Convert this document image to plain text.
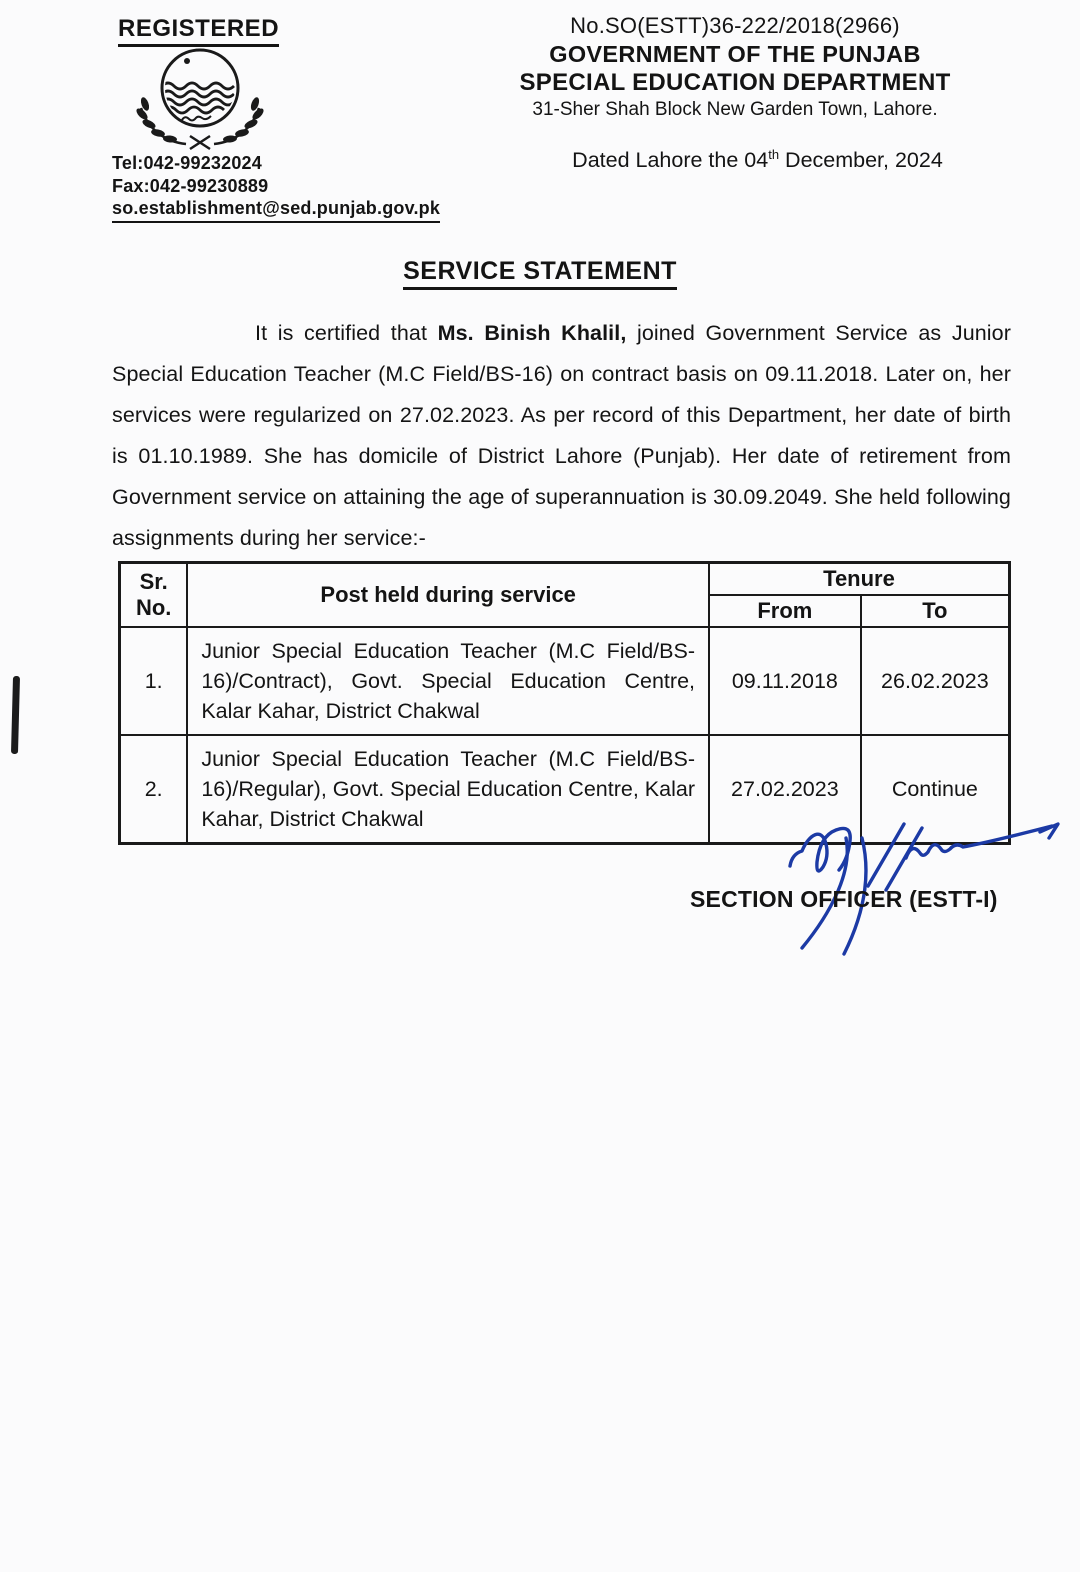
REGISTERED
Tel:042-99232024
Fax:042-99230889
so.establishment@sed.punjab.gov.pk
No.SO(ESTT)36-222/2018(2966)
GOVERNMENT OF THE PUNJAB
SPECIAL EDUCATION DEPARTMENT
31-Sher Shah Block New Garden Town, Lahore.
Dated Lahore the 04th December, 2024
SERVICE STATEMENT

It is certified that Ms. Binish Khalil, joined Government Service as Junior Special Education Teacher (M.C Field/BS-16) on contract basis on 09.11.2018. Later on, her services were regularized on 27.02.2023. As per record of this Department, her date of birth is 01.10.1989. She has domicile of District Lahore (Punjab). Her date of retirement from Government service on attaining the age of superannuation is 30.09.2049. She held following assignments during her service:-

Sr.
No.	Post held during service	Tenure	
		From	To
1.	Junior Special Education Teacher (M.C Field/BS-16)/Contract), Govt. Special Education Centre, Kalar Kahar, District Chakwal	09.11.2018	26.02.2023
2.	Junior Special Education Teacher (M.C Field/BS-16)/Regular), Govt. Special Education Centre, Kalar Kahar, District Chakwal	27.02.2023	Continue
SECTION OFFICER (ESTT-I)
